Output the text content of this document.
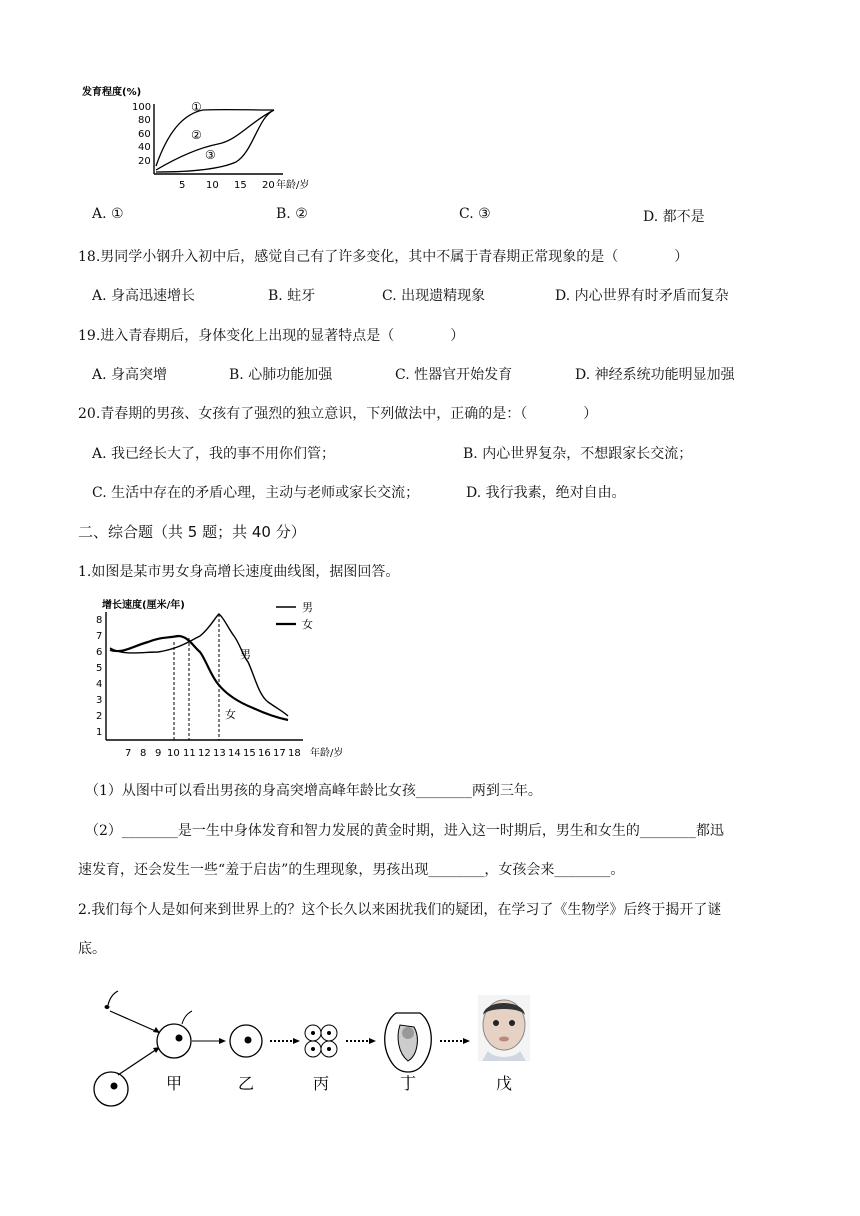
发育程度(%)
100
80
60
40
20
5 10 15 20 年龄/岁
①
②
③
A. ①	B. ②	C. ③	D. 都不是
18.男同学小钢升入初中后，感觉自己有了许多变化，其中不属于青春期正常现象的是（　　　　）
A. 身高迅速增长	B. 蛀牙	C. 出现遗精现象	D. 内心世界有时矛盾而复杂
19.进入青春期后，身体变化上出现的显著特点是（　　　　）
A. 身高突增	B. 心肺功能加强	C. 性器官开始发育	D. 神经系统功能明显加强
20.青春期的男孩、女孩有了强烈的独立意识，下列做法中，正确的是：（　　　　）
A. 我已经长大了，我的事不用你们管；	B. 内心世界复杂，不想跟家长交流；
C. 生活中存在的矛盾心理，主动与老师或家长交流；	D. 我行我素，绝对自由。
二、综合题（共 5 题；共 40 分）
1.如图是某市男女身高增长速度曲线图，据图回答。
增长速度(厘米/年)
8
7
6
5
4
3
2
1
7 8 9 10 11 12 13 14 15 16 17 18 年龄/岁
男
女
男
女
（1）从图中可以看出男孩的身高突增高峰年龄比女孩________两到三年。
（2）________是一生中身体发育和智力发展的黄金时期，进入这一时期后，男生和女生的________都迅
速发育，还会发生一些“羞于启齿”的生理现象，男孩出现________，女孩会来________。
2.我们每个人是如何来到世界上的？这个长久以来困扰我们的疑团，在学习了《生物学》后终于揭开了谜
底。
甲	乙	丙	丁	戊
